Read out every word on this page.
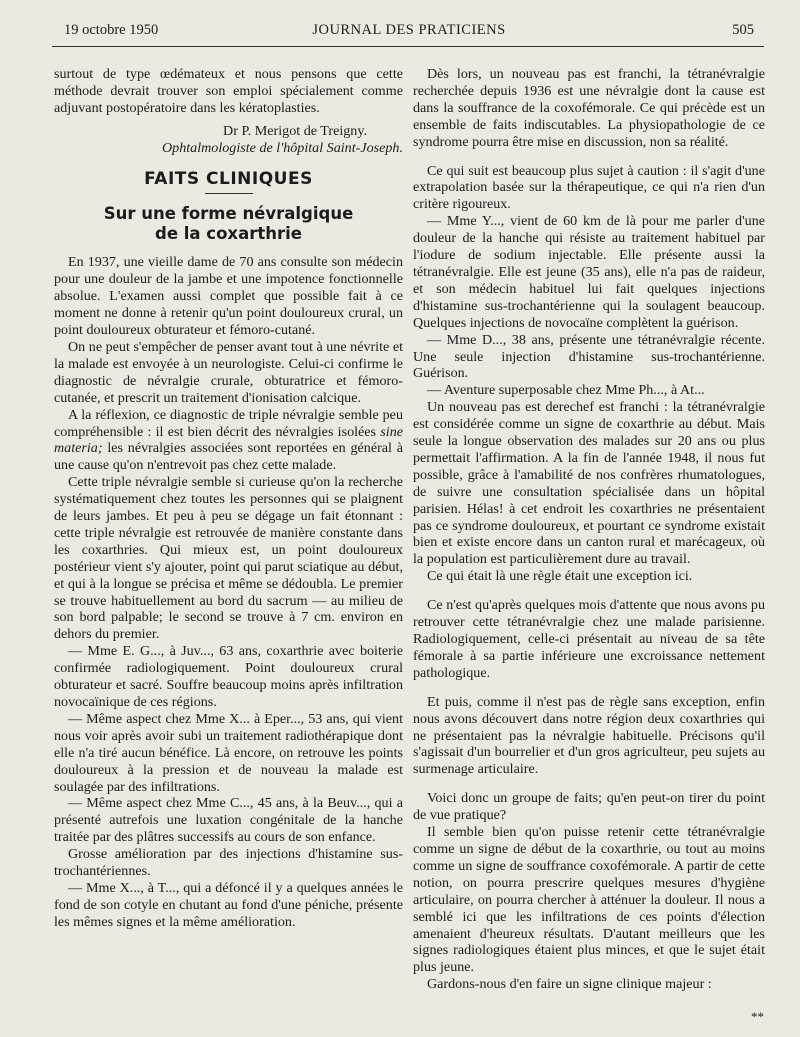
19 octobre 1950	JOURNAL DES PRATICIENS	505

surtout de type œdémateux et nous pensons que cette méthode devrait trouver son emploi spécialement comme adjuvant postopératoire dans les kératoplasties.

Dr P. Merigot de Treigny.
Ophtalmologiste de l'hôpital Saint-Joseph.
FAITS CLINIQUES
Sur une forme névralgique
de la coxarthrie

En 1937, une vieille dame de 70 ans consulte son médecin pour une douleur de la jambe et une impotence fonctionnelle absolue. L'examen aussi complet que possible fait à ce moment ne donne à retenir qu'un point douloureux crural, un point douloureux obturateur et fémoro-cutané.

On ne peut s'empêcher de penser avant tout à une névrite et la malade est envoyée à un neurologiste. Celui-ci confirme le diagnostic de névralgie crurale, obturatrice et fémoro-cutanée, et prescrit un traitement d'ionisation calcique.

A la réflexion, ce diagnostic de triple névralgie semble peu compréhensible : il est bien décrit des névralgies isolées sine materia; les névralgies associées sont reportées en général à une cause qu'on n'entrevoit pas chez cette malade.

Cette triple névralgie semble si curieuse qu'on la recherche systématiquement chez toutes les personnes qui se plaignent de leurs jambes. Et peu à peu se dégage un fait étonnant : cette triple névralgie est retrouvée de manière constante dans les coxarthries. Qui mieux est, un point douloureux postérieur vient s'y ajouter, point qui parut sciatique au début, et qui à la longue se précisa et même se dédoubla. Le premier se trouve habituellement au bord du sacrum — au milieu de son bord palpable; le second se trouve à 7 cm. environ en dehors du premier.

— Mme E. G..., à Juv..., 63 ans, coxarthrie avec boiterie confirmée radiologiquement. Point douloureux crural obturateur et sacré. Souffre beaucoup moins après infiltration novocaïnique de ces régions.

— Même aspect chez Mme X... à Eper..., 53 ans, qui vient nous voir après avoir subi un traitement radiothérapique dont elle n'a tiré aucun bénéfice. Là encore, on retrouve les points douloureux à la pression et de nouveau la malade est soulagée par des infiltrations.

— Même aspect chez Mme C..., 45 ans, à la Beuv..., qui a présenté autrefois une luxation congénitale de la hanche traitée par des plâtres successifs au cours de son enfance.

Grosse amélioration par des injections d'histamine sus-trochantériennes.

— Mme X..., à T..., qui a défoncé il y a quelques années le fond de son cotyle en chutant au fond d'une péniche, présente les mêmes signes et la même amélioration.

Dès lors, un nouveau pas est franchi, la tétranévralgie recherchée depuis 1936 est une névralgie dont la cause est dans la souffrance de la coxofémorale. Ce qui précède est un ensemble de faits indiscutables. La physiopathologie de ce syndrome pourra être mise en discussion, non sa réalité.

Ce qui suit est beaucoup plus sujet à caution : il s'agit d'une extrapolation basée sur la thérapeutique, ce qui n'a rien d'un critère rigoureux.

— Mme Y..., vient de 60 km de là pour me parler d'une douleur de la hanche qui résiste au traitement habituel par l'iodure de sodium injectable. Elle présente aussi la tétranévralgie. Elle est jeune (35 ans), elle n'a pas de raideur, et son médecin habituel lui fait quelques injections d'histamine sus-trochantérienne qui la soulagent beaucoup. Quelques injections de novocaïne complètent la guérison.

— Mme D..., 38 ans, présente une tétranévralgie récente. Une seule injection d'histamine sus-trochantérienne. Guérison.

— Aventure superposable chez Mme Ph..., à At...

Un nouveau pas est derechef est franchi : la tétranévralgie est considérée comme un signe de coxarthrie au début. Mais seule la longue observation des malades sur 20 ans ou plus permettait l'affirmation. A la fin de l'année 1948, il nous fut possible, grâce à l'amabilité de nos confrères rhumatologues, de suivre une consultation spécialisée dans un hôpital parisien. Hélas! à cet endroit les coxarthries ne présentaient pas ce syndrome douloureux, et pourtant ce syndrome existait bien et existe encore dans un canton rural et marécageux, où la population est particulièrement dure au travail.

Ce qui était là une règle était une exception ici.

Ce n'est qu'après quelques mois d'attente que nous avons pu retrouver cette tétranévralgie chez une malade parisienne. Radiologiquement, celle-ci présentait au niveau de sa tête fémorale à sa partie inférieure une excroissance nettement pathologique.

Et puis, comme il n'est pas de règle sans exception, enfin nous avons découvert dans notre région deux coxarthries qui ne présentaient pas la névralgie habituelle. Précisons qu'il s'agissait d'un bourrelier et d'un gros agriculteur, peu sujets au surmenage articulaire.

Voici donc un groupe de faits; qu'en peut-on tirer du point de vue pratique?

Il semble bien qu'on puisse retenir cette tétranévralgie comme un signe de début de la coxarthrie, ou tout au moins comme un signe de souffrance coxofémorale. A partir de cette notion, on pourra prescrire quelques mesures d'hygiène articulaire, on pourra chercher à atténuer la douleur. Il nous a semblé ici que les infiltrations de ces points d'élection amenaient d'heureux résultats. D'autant meilleurs que les signes radiologiques étaient plus minces, et que le sujet était plus jeune.

Gardons-nous d'en faire un signe clinique majeur :

**
